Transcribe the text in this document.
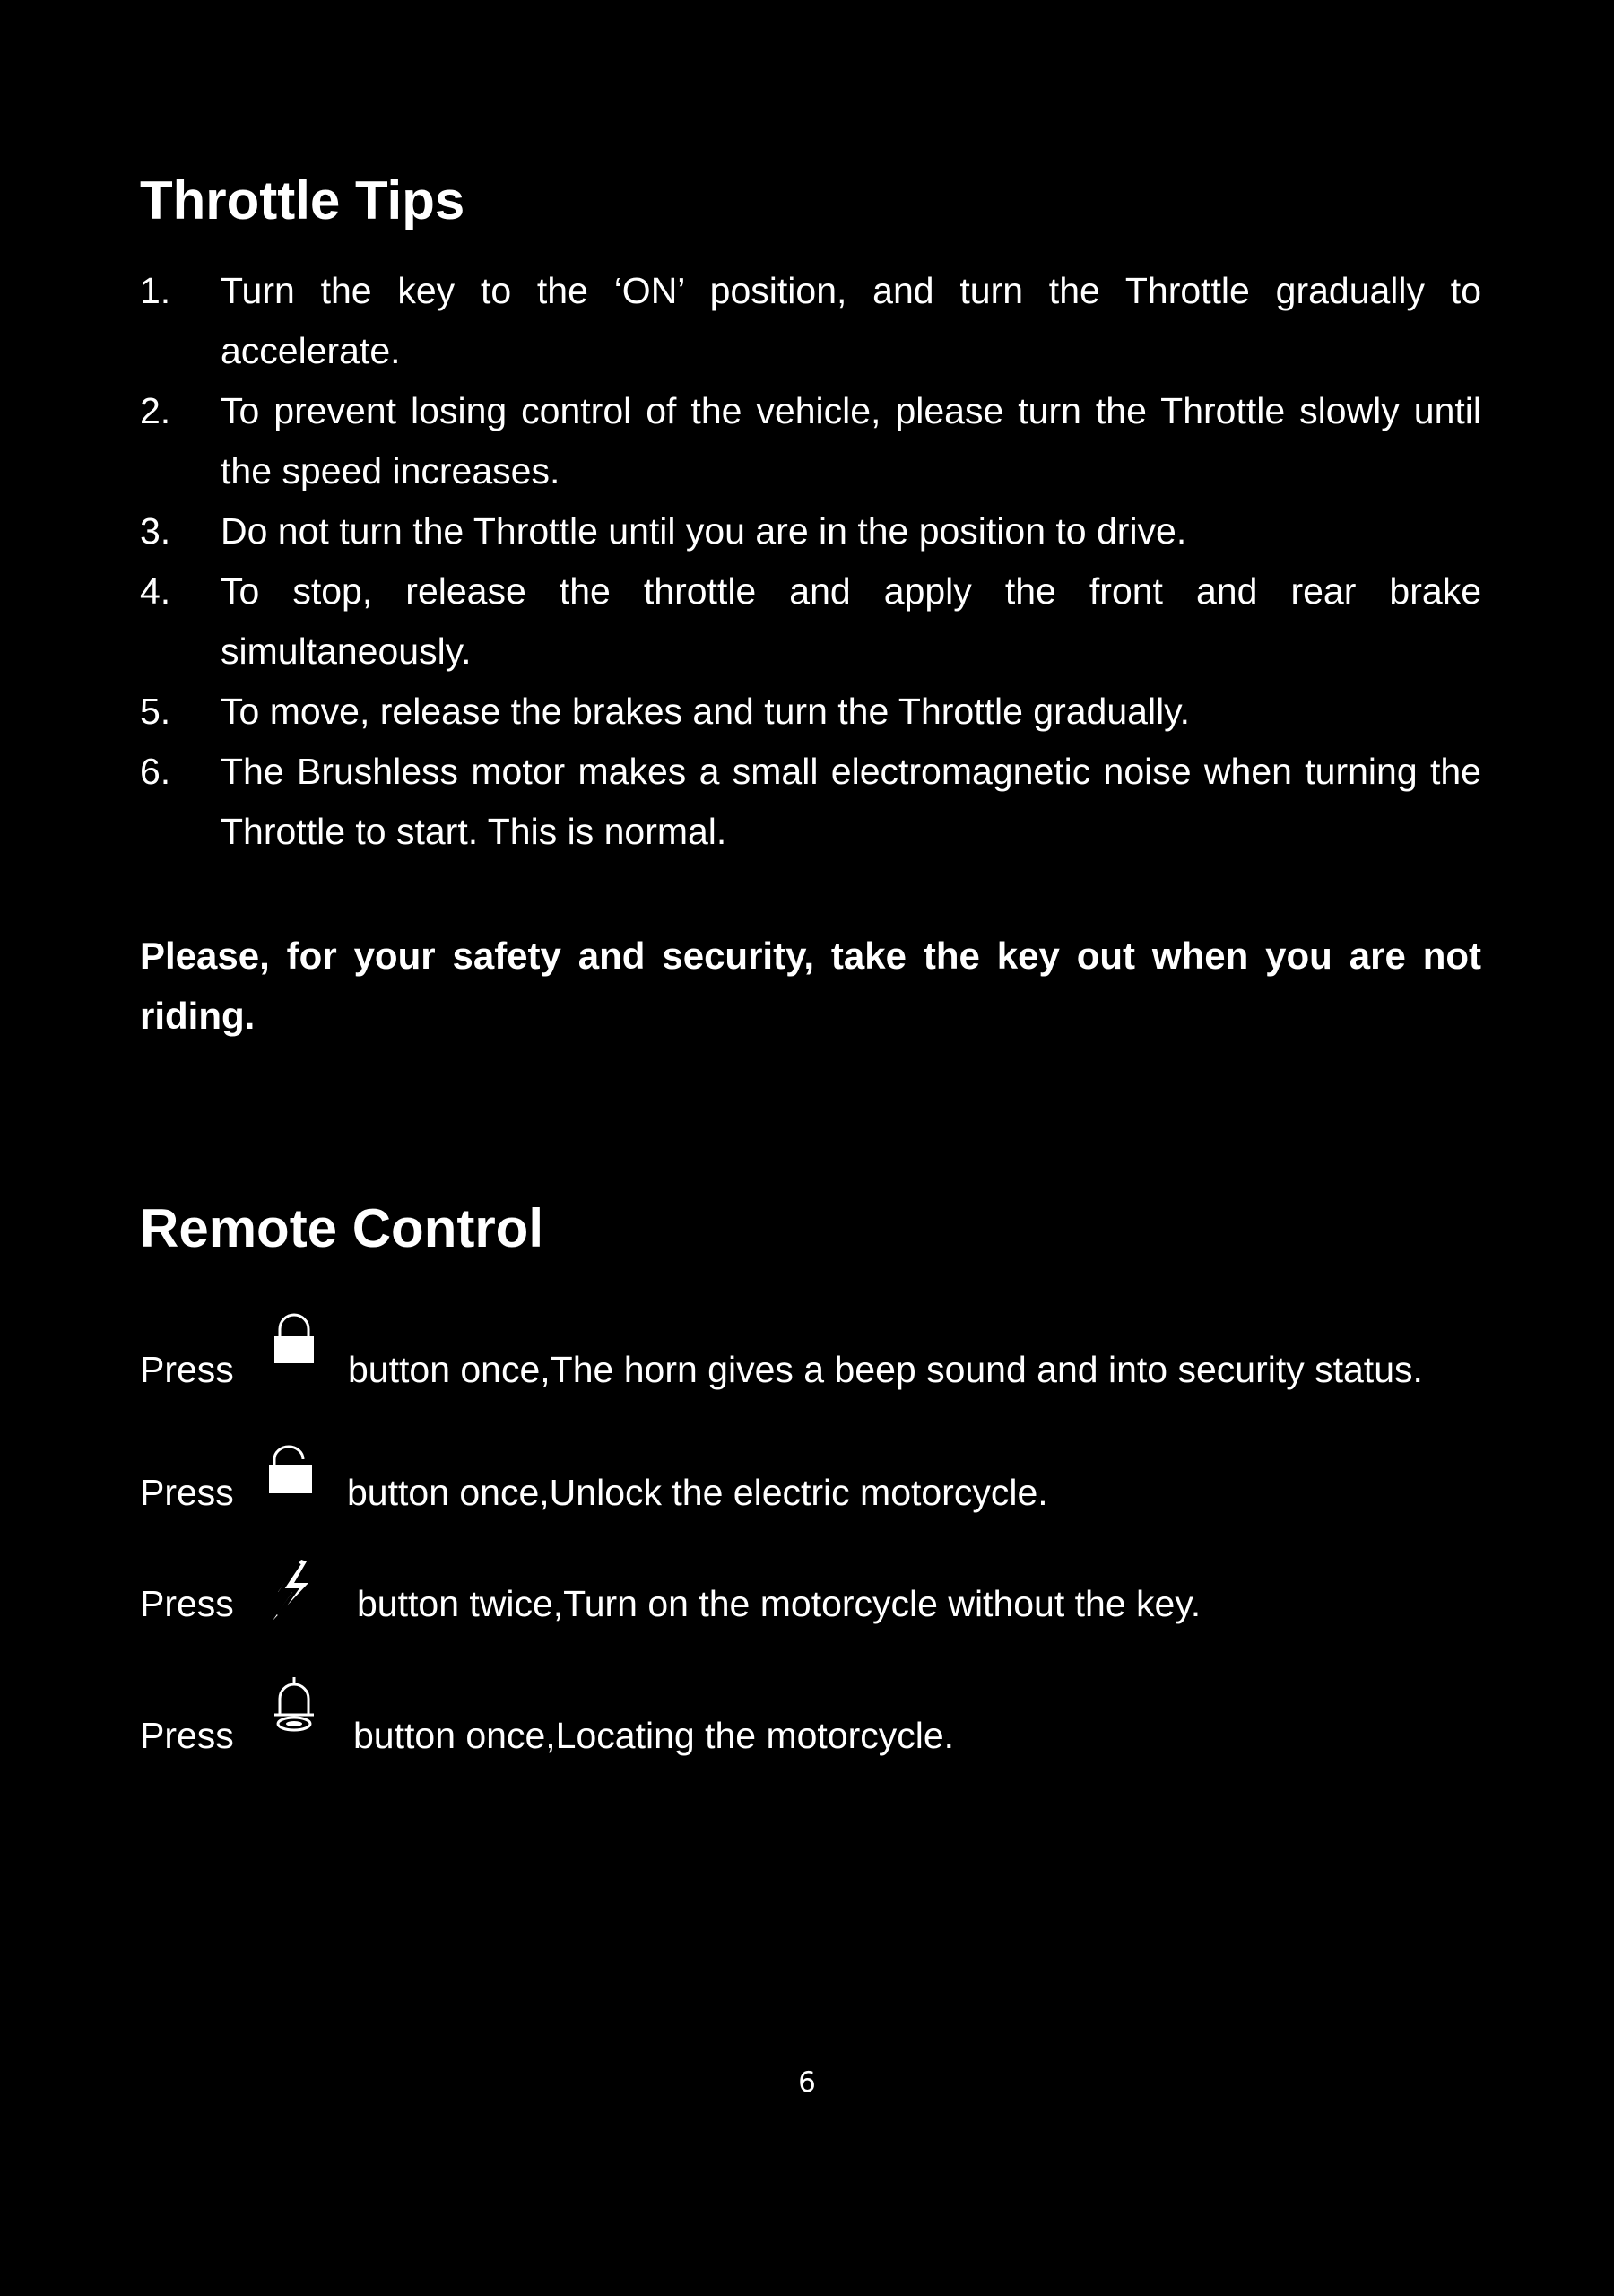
Throttle Tips
1.	Turn the key to the ‘ON’ position, and turn the Throttle gradually to accelerate.
2.	To prevent losing control of the vehicle, please turn the Throttle slowly until the speed increases.
3.	Do not turn the Throttle until you are in the position to drive.
4.	To stop, release the throttle and apply the front and rear brake simultaneously.
5.	To move, release the brakes and turn the Throttle gradually.
6.	The Brushless motor makes a small electromagnetic noise when turning the Throttle to start. This is normal.

Please, for your safety and security, take the key out when you are not riding.

Remote Control
Press	button once,The horn gives a beep sound and into security status.
Press	button once,Unlock the electric motorcycle.
Press	button twice,Turn on the motorcycle without the key.
Press	button once,Locating the motorcycle.
6
